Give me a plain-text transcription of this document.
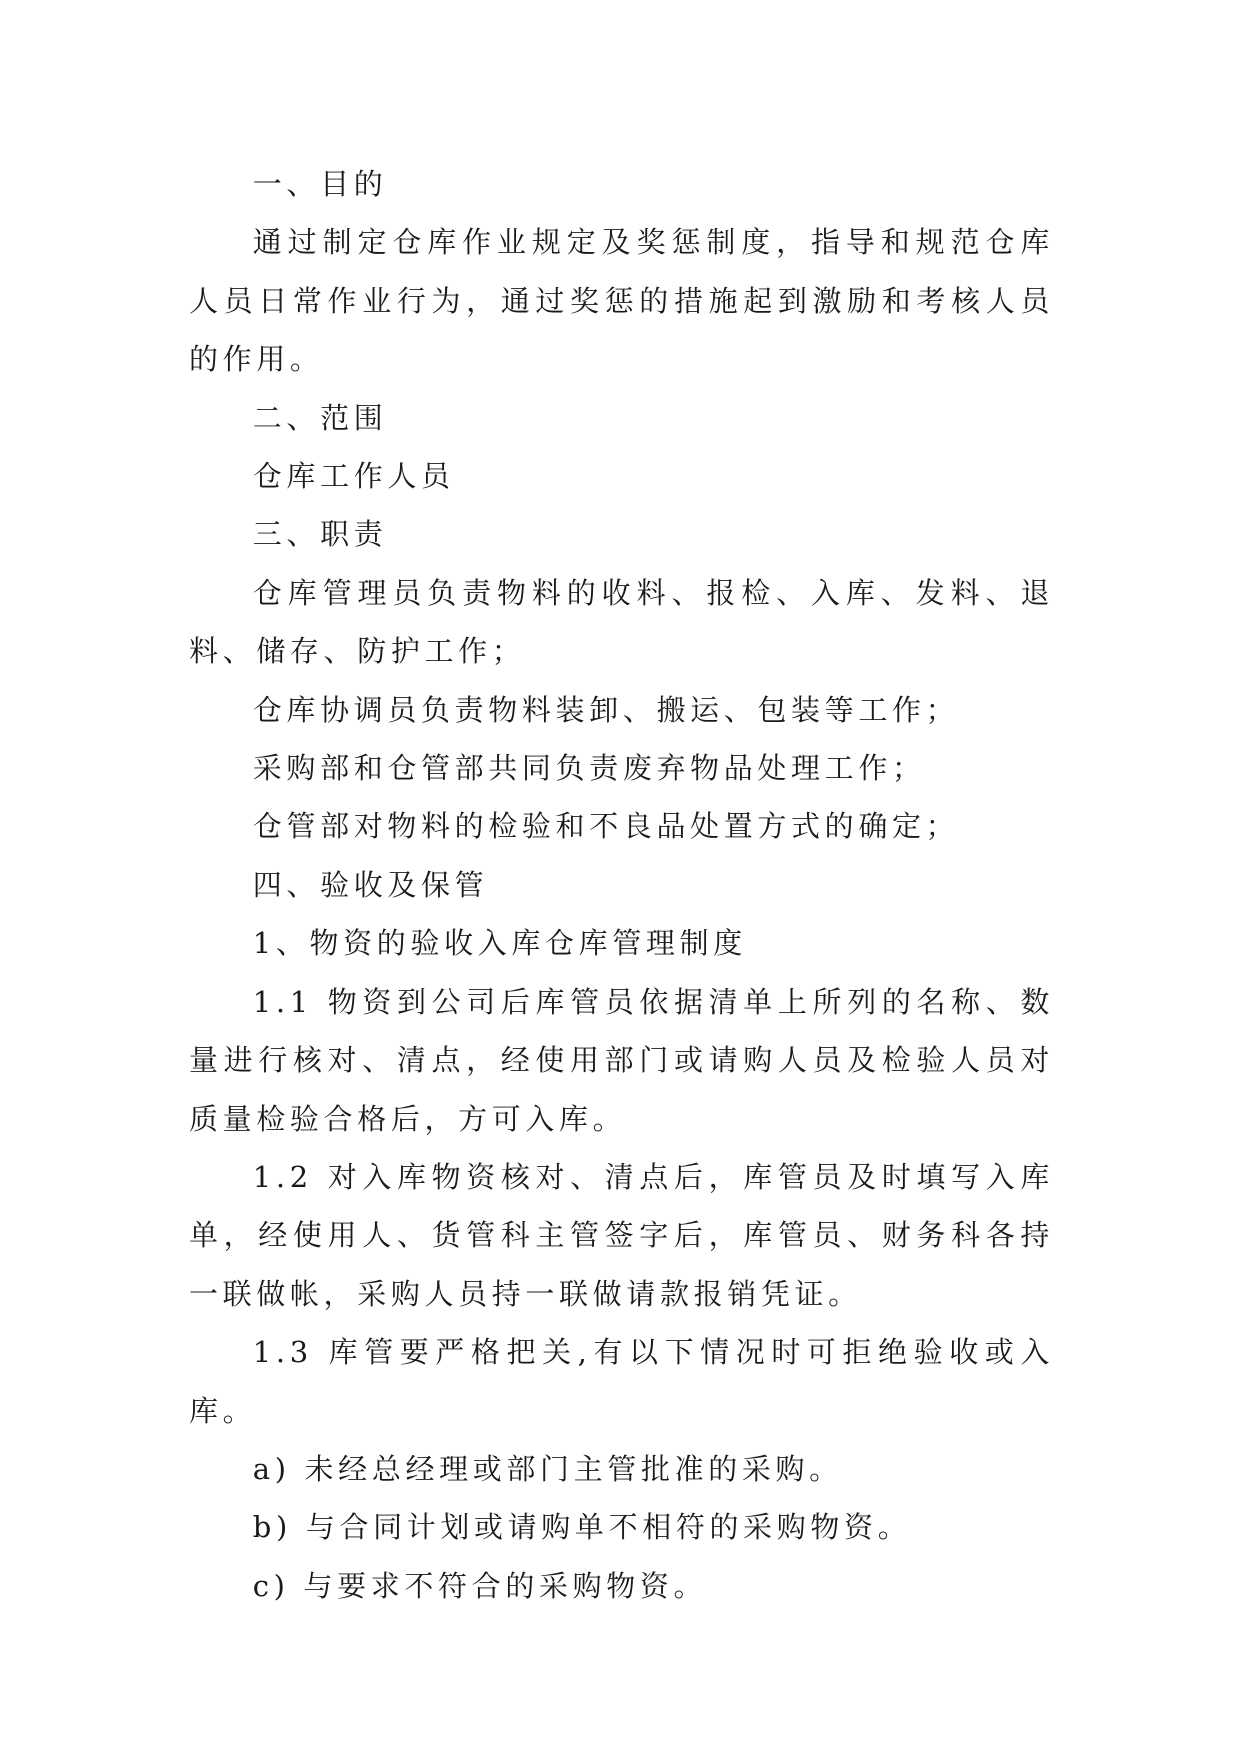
一、目的

通过制定仓库作业规定及奖惩制度，指导和规范仓库人员日常作业行为，通过奖惩的措施起到激励和考核人员的作用。

二、范围

仓库工作人员

三、职责

仓库管理员负责物料的收料、报检、入库、发料、退料、储存、防护工作；

仓库协调员负责物料装卸、搬运、包装等工作；

采购部和仓管部共同负责废弃物品处理工作；

仓管部对物料的检验和不良品处置方式的确定；

四、验收及保管

1、物资的验收入库仓库管理制度

1.1 物资到公司后库管员依据清单上所列的名称、数量进行核对、清点，经使用部门或请购人员及检验人员对质量检验合格后，方可入库。

1.2 对入库物资核对、清点后，库管员及时填写入库单，经使用人、货管科主管签字后，库管员、财务科各持一联做帐，采购人员持一联做请款报销凭证。

1.3 库管要严格把关,有以下情况时可拒绝验收或入库。

a) 未经总经理或部门主管批准的采购。

b) 与合同计划或请购单不相符的采购物资。

c) 与要求不符合的采购物资。
